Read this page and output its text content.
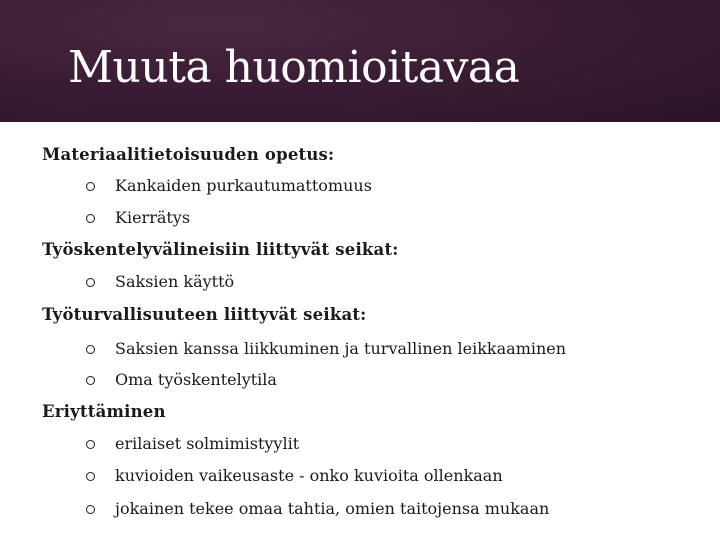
Muuta huomioitavaa
Materiaalitietoisuuden opetus:
Kankaiden purkautumattomuus
Kierrätys
Työskentelyvälineisiin liittyvät seikat:
Saksien käyttö
Työturvallisuuteen liittyvät seikat:
Saksien kanssa liikkuminen ja turvallinen leikkaaminen
Oma työskentelytila
Eriyttäminen
erilaiset solmimistyylit
kuvioiden vaikeusaste - onko kuvioita ollenkaan
jokainen tekee omaa tahtia, omien taitojensa mukaan
